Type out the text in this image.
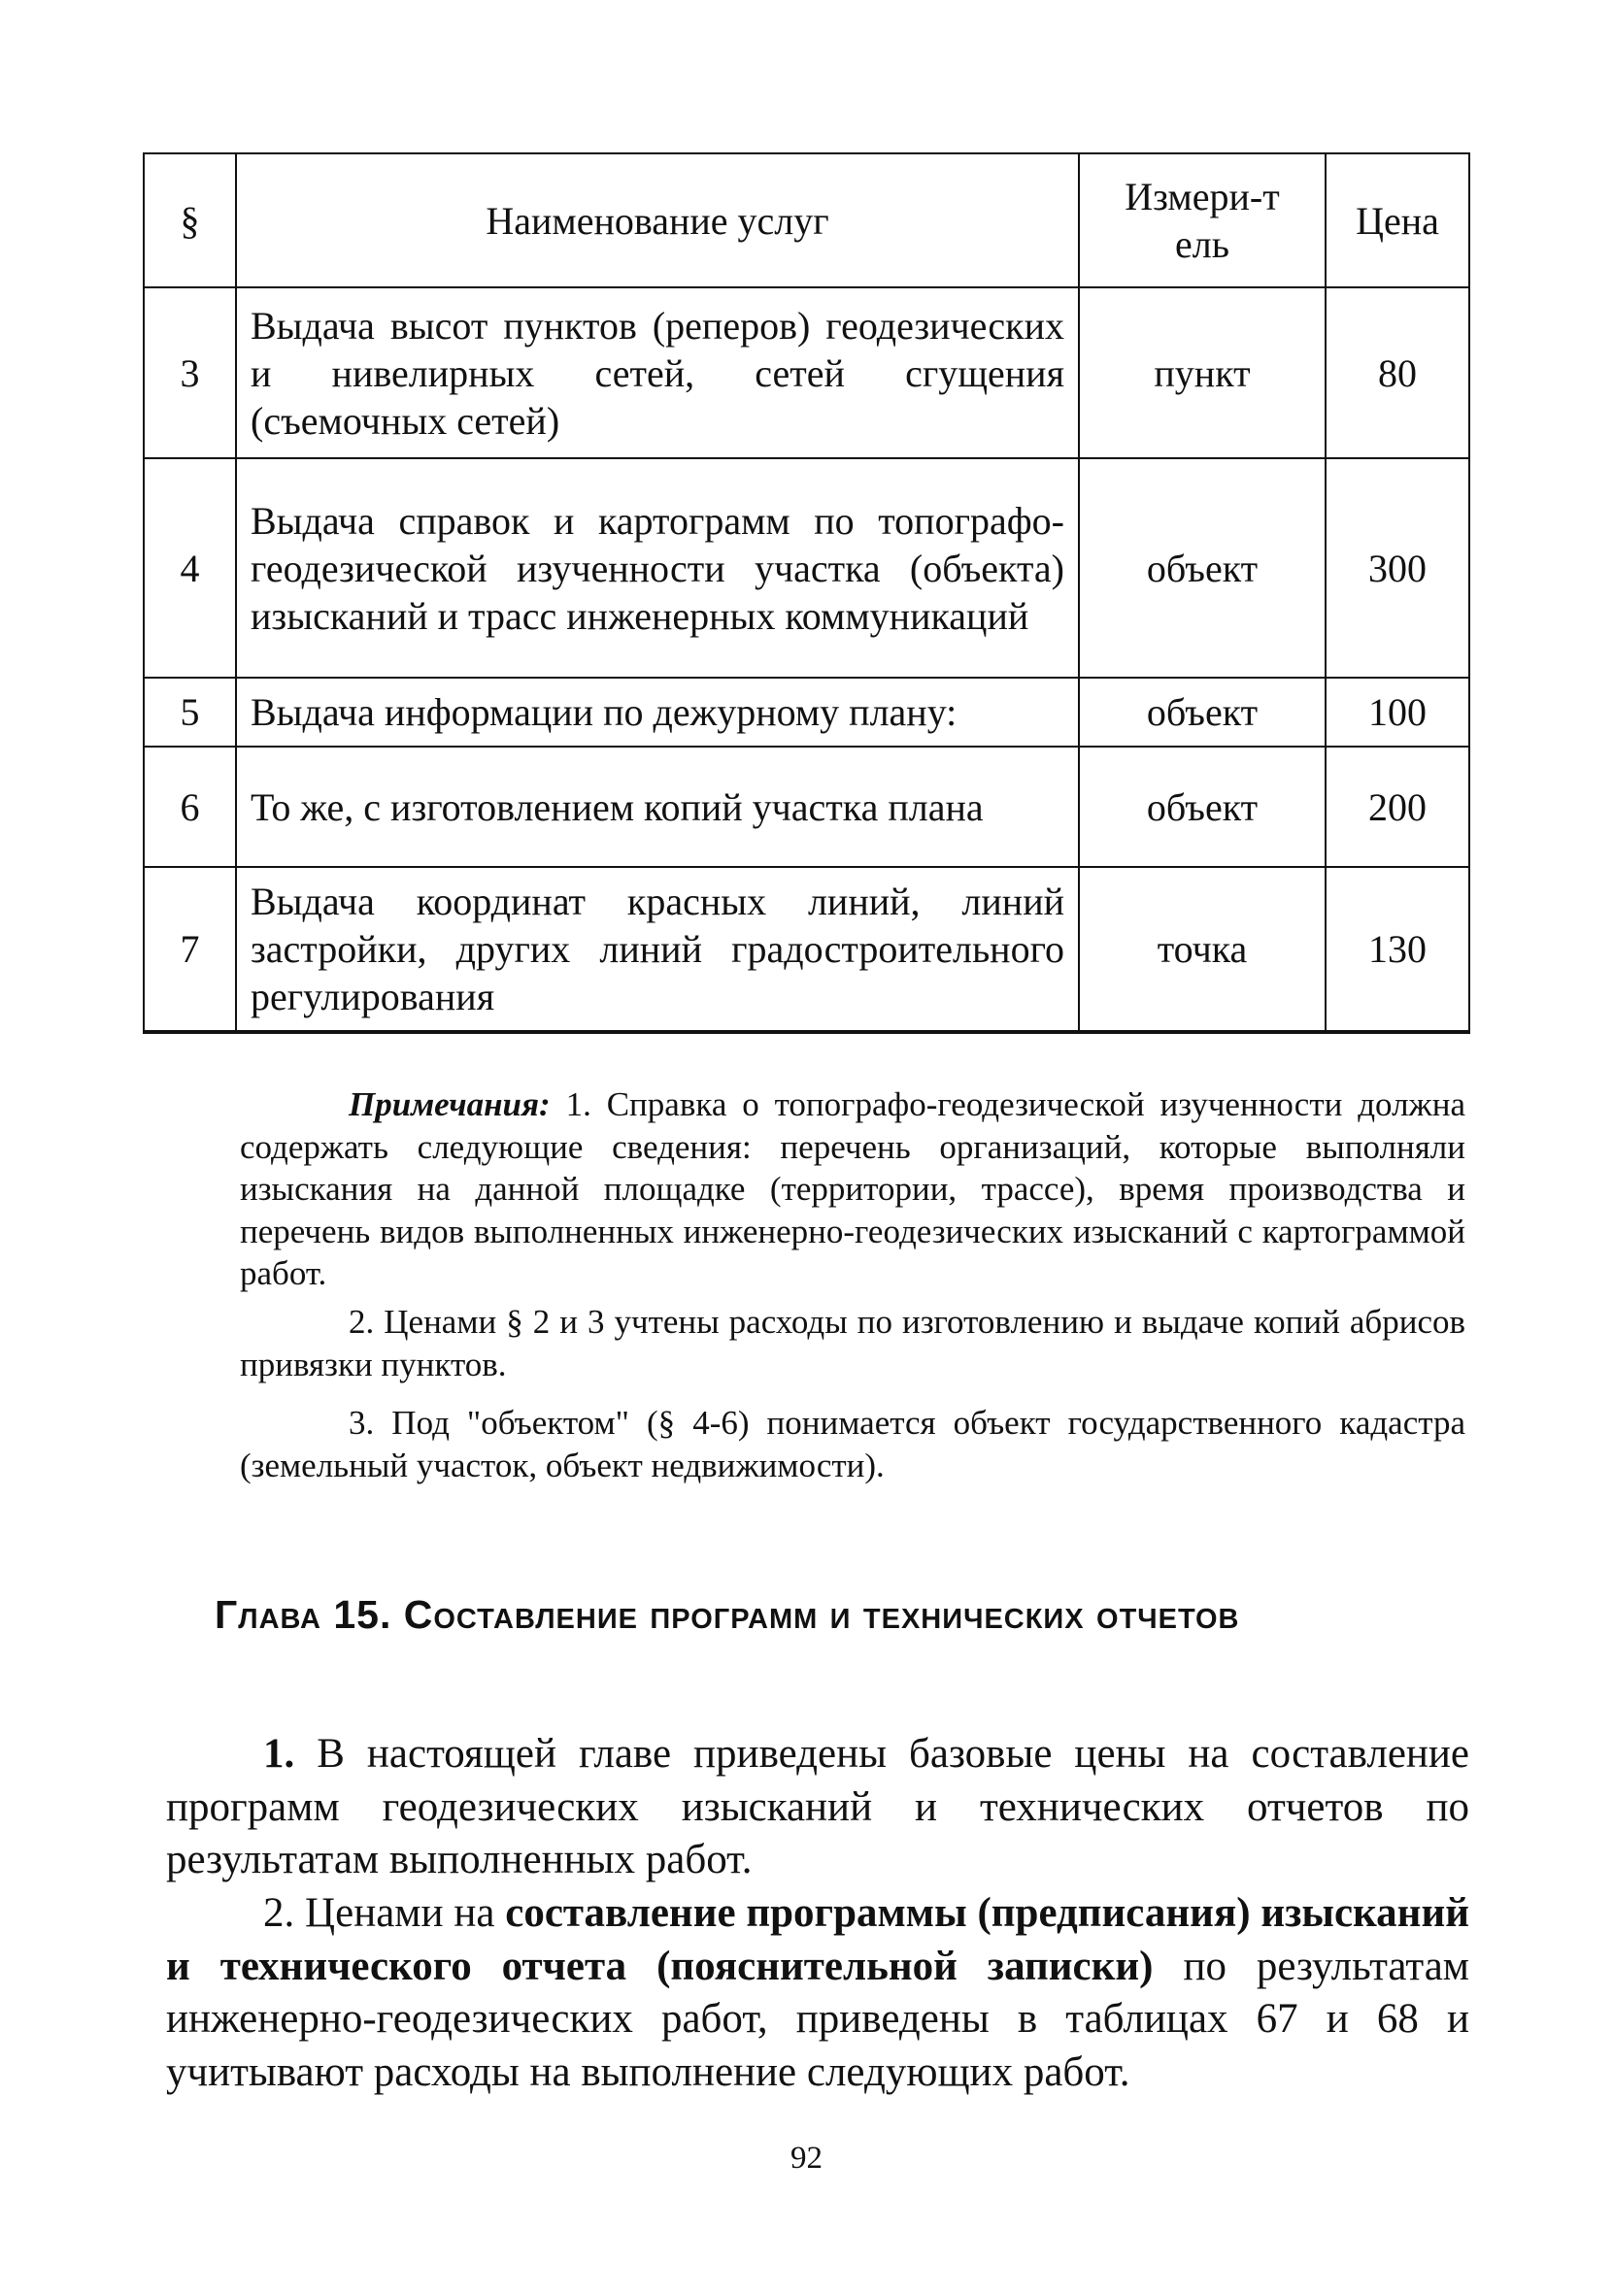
§	Наименование услуг	Измери-тель	Цена
3	Выдача высот пунктов (реперов) геодезических и нивелирных сетей, сетей сгущения (съемочных сетей)	пункт	80
4	Выдача справок и картограмм по топографо-геодезической изученности участка (объекта) изысканий и трасс инженерных коммуникаций	объект	300
5	Выдача информации по дежурному плану:	объект	100
6	То же, с изготовлением копий участка плана	объект	200
7	Выдача координат красных линий, линий застройки, других линий градостроительного регулирования	точка	130

Примечания: 1. Справка о топографо-геодезической изученности должна содержать следующие сведения: перечень организаций, которые выполняли изыскания на данной площадке (территории, трассе), время производства и перечень видов выполненных инженерно-геодезических изысканий с картограммой работ.

2. Ценами § 2 и 3 учтены расходы по изготовлению и выдаче копий абрисов привязки пунктов.

3. Под "объектом" (§ 4-6) понимается объект государственного кадастра (земельный участок, объект недвижимости).

Глава 15. Составление программ и технических отчетов

1. В настоящей главе приведены базовые цены на составление программ геодезических изысканий и технических отчетов по результатам выполненных работ.

2. Ценами на составление программы (предписания) изысканий и технического отчета (пояснительной записки) по результатам инженерно-геодезических работ, приведены в таблицах 67 и 68 и учитывают расходы на выполнение следующих работ.

92
